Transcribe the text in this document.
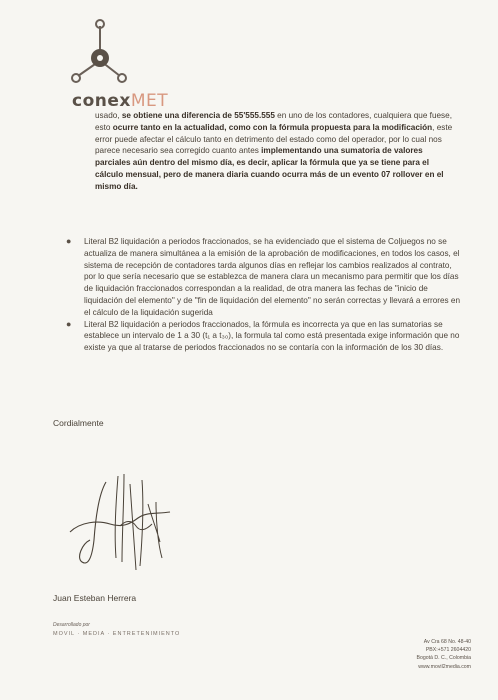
conexMET
usado, se obtiene una diferencia de 55'555.555 en uno de los contadores, cualquiera que fuese, esto ocurre tanto en la actualidad, como con la fórmula propuesta para la modificación, este error puede afectar el cálculo tanto en detrimento del estado como del operador, por lo cual nos parece necesario sea corregido cuanto antes implementando una sumatoria de valores parciales aún dentro del mismo día, es decir, aplicar la fórmula que ya se tiene para el cálculo mensual, pero de manera diaria cuando ocurra más de un evento 07 rollover en el mismo día.
● Literal B2 liquidación a periodos fraccionados, se ha evidenciado que el sistema de Coljuegos no se actualiza de manera simultánea a la emisión de la aprobación de modificaciones, en todos los casos, el sistema de recepción de contadores tarda algunos días en reflejar los cambios realizados al contrato, por lo que sería necesario que se establezca de manera clara un mecanismo para permitir que los días de liquidación fraccionados correspondan a la realidad, de otra manera las fechas de "inicio de liquidación del elemento" y de "fin de liquidación del elemento" no serán correctas y llevará a errores en el cálculo de la liquidación sugerida
● Literal B2 liquidación a periodos fraccionados, la fórmula es incorrecta ya que en las sumatorias se establece un intervalo de 1 a 30 (t₁ a t₃₀), la formula tal como está presentada exige información que no existe ya que al tratarse de periodos fraccionados no se contaría con la información de los 30 días.
Cordialmente
Juan Esteban Herrera
Desarrollado por
MOVIL · MEDIA · ENTRETENIMIENTO
Av Cra 68 No. 48-40
PBX:+571 2604420
Bogotá D. C., Colombia
www.movil2media.com
